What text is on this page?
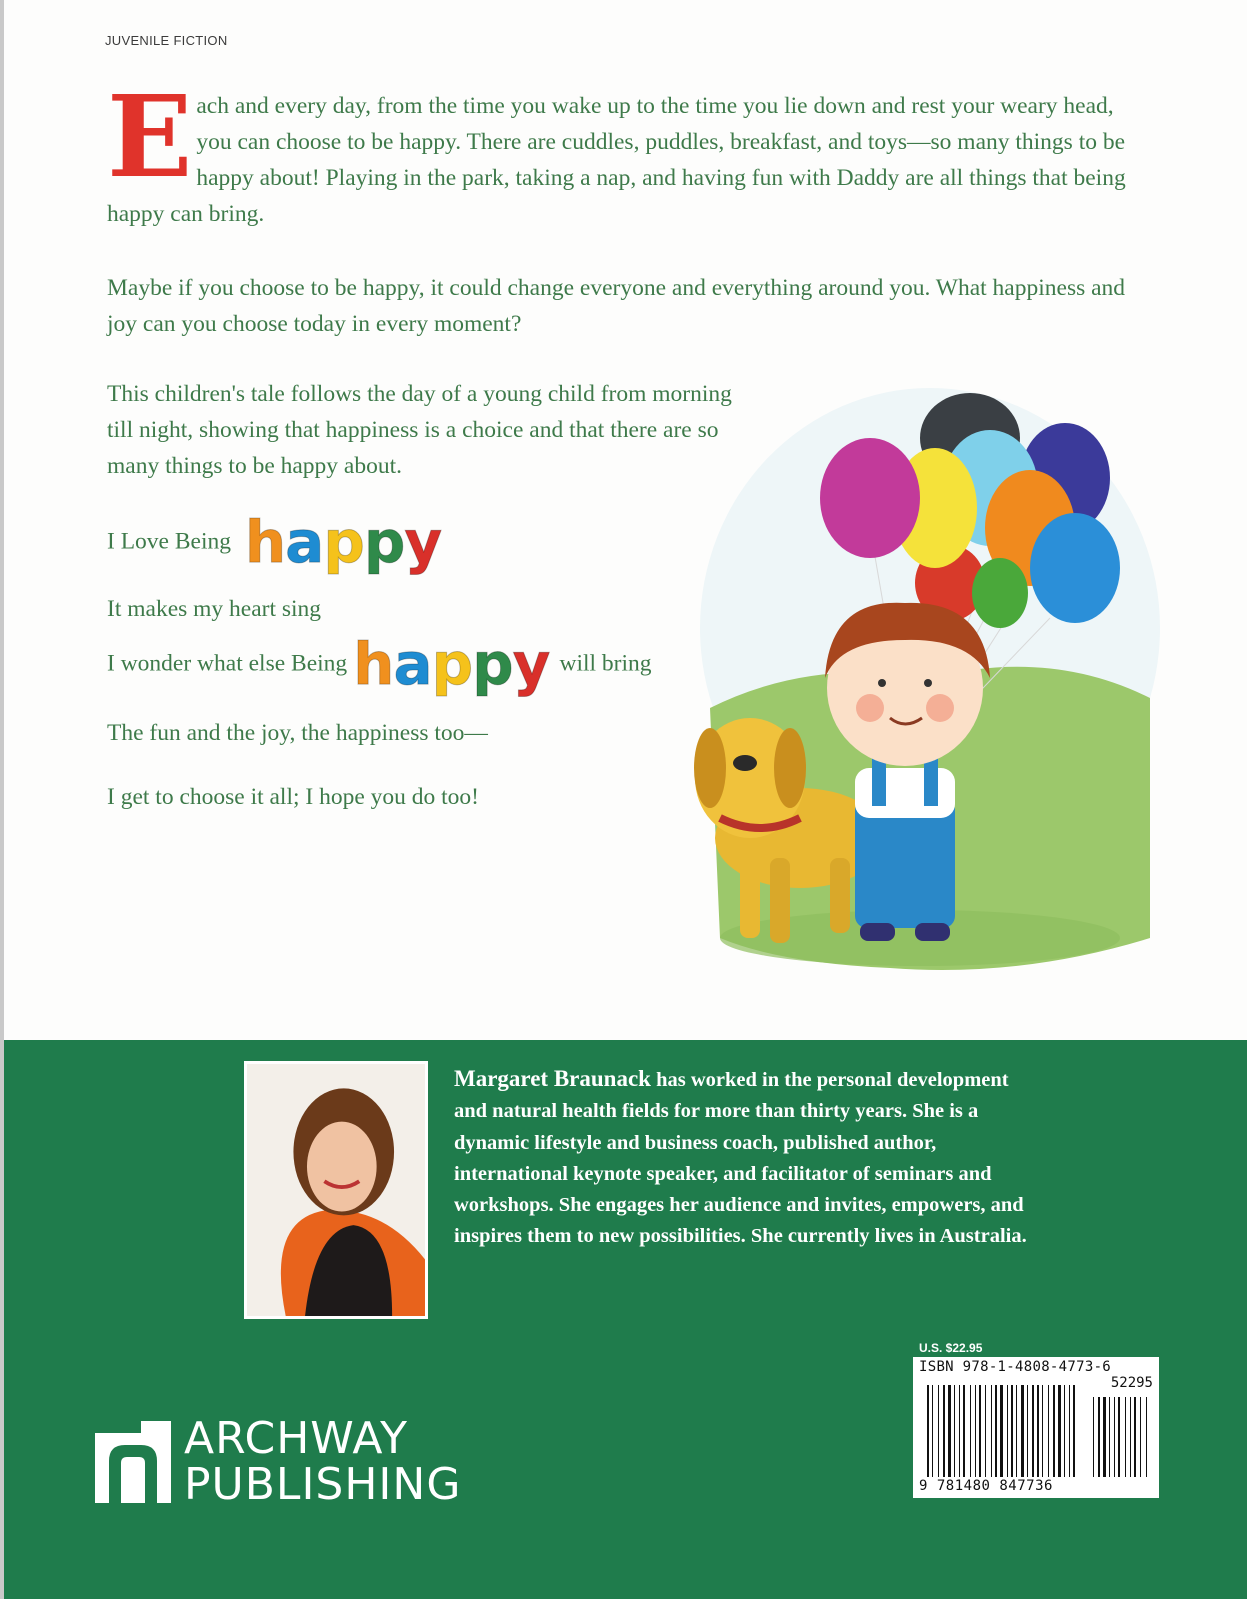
JUVENILE FICTION
Each and every day, from the time you wake up to the time you lie down and rest your weary head, you can choose to be happy. There are cuddles, puddles, breakfast, and toys—so many things to be happy about! Playing in the park, taking a nap, and having fun with Daddy are all things that being happy can bring.
Maybe if you choose to be happy, it could change everyone and everything around you. What happiness and joy can you choose today in every moment?
This children's tale follows the day of a young child from morning till night, showing that happiness is a choice and that there are so many things to be happy about.
I Love Being happy
It makes my heart sing
I wonder what else Being happy will bring
The fun and the joy, the happiness too—
I get to choose it all; I hope you do too!
Margaret Braunack has worked in the personal development and natural health fields for more than thirty years. She is a dynamic lifestyle and business coach, published author, international keynote speaker, and facilitator of seminars and workshops. She engages her audience and invites, empowers, and inspires them to new possibilities. She currently lives in Australia.
ARCHWAY
PUBLISHING
U.S. $22.95
ISBN 978-1-4808-4773-6
52295
9 781480 847736
